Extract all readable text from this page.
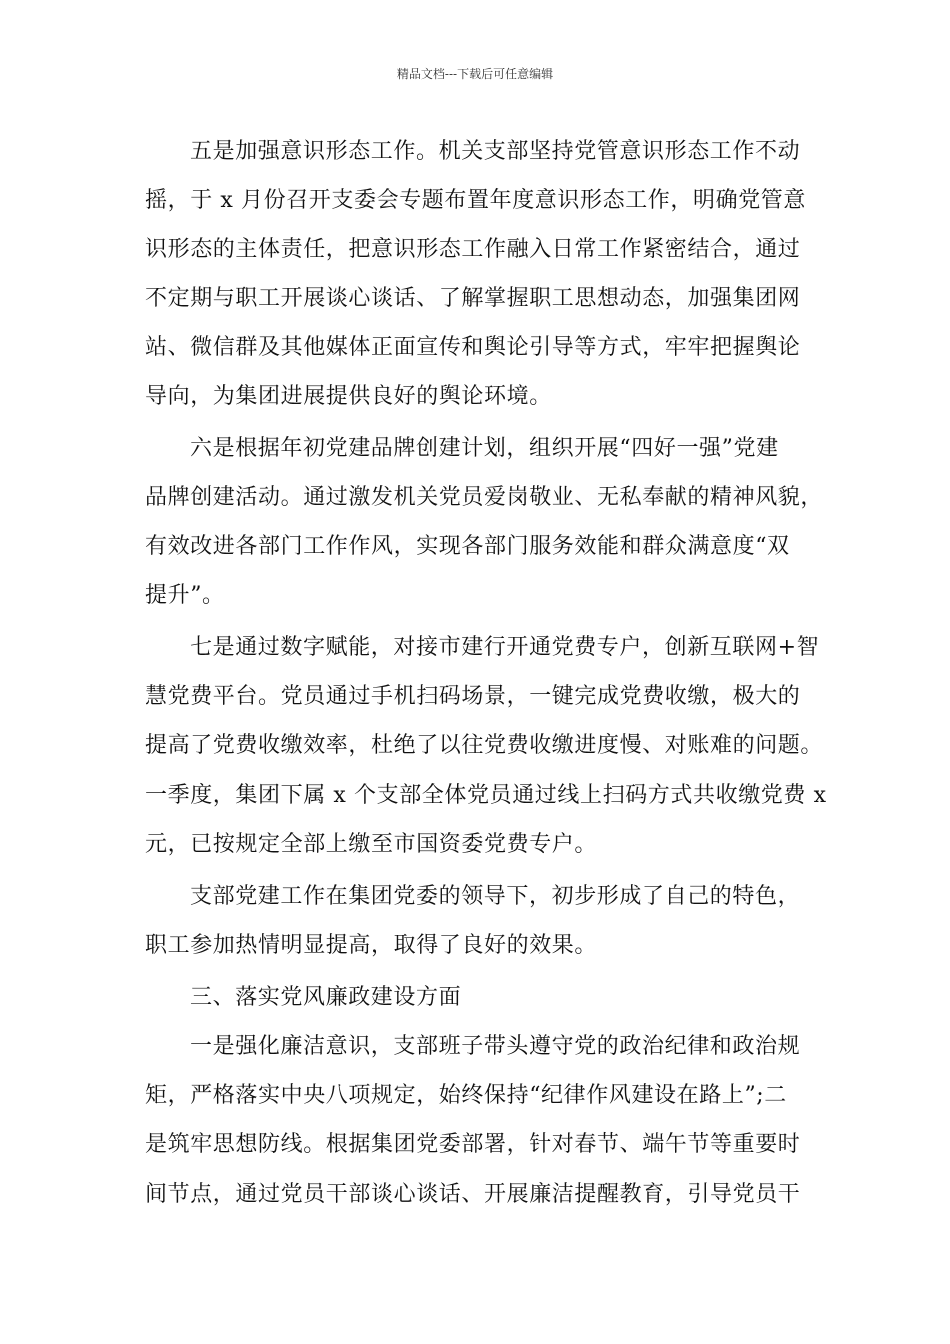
精品文档---下载后可任意编辑
五是加强意识形态工作。机关支部坚持党管意识形态工作不动
摇，于 x 月份召开支委会专题布置年度意识形态工作，明确党管意
识形态的主体责任，把意识形态工作融入日常工作紧密结合，通过
不定期与职工开展谈心谈话、了解掌握职工思想动态，加强集团网
站、微信群及其他媒体正面宣传和舆论引导等方式，牢牢把握舆论
导向，为集团进展提供良好的舆论环境。
六是根据年初党建品牌创建计划，组织开展“四好一强”党建
品牌创建活动。通过激发机关党员爱岗敬业、无私奉献的精神风貌，
有效改进各部门工作作风，实现各部门服务效能和群众满意度“双
提升”。
七是通过数字赋能，对接市建行开通党费专户，创新互联网+智
慧党费平台。党员通过手机扫码场景，一键完成党费收缴，极大的
提高了党费收缴效率，杜绝了以往党费收缴进度慢、对账难的问题。
一季度，集团下属 x 个支部全体党员通过线上扫码方式共收缴党费 x
元，已按规定全部上缴至市国资委党费专户。
支部党建工作在集团党委的领导下，初步形成了自己的特色，
职工参加热情明显提高，取得了良好的效果。
三、落实党风廉政建设方面
一是强化廉洁意识，支部班子带头遵守党的政治纪律和政治规
矩，严格落实中央八项规定，始终保持“纪律作风建设在路上”;二
是筑牢思想防线。根据集团党委部署，针对春节、端午节等重要时
间节点，通过党员干部谈心谈话、开展廉洁提醒教育，引导党员干
